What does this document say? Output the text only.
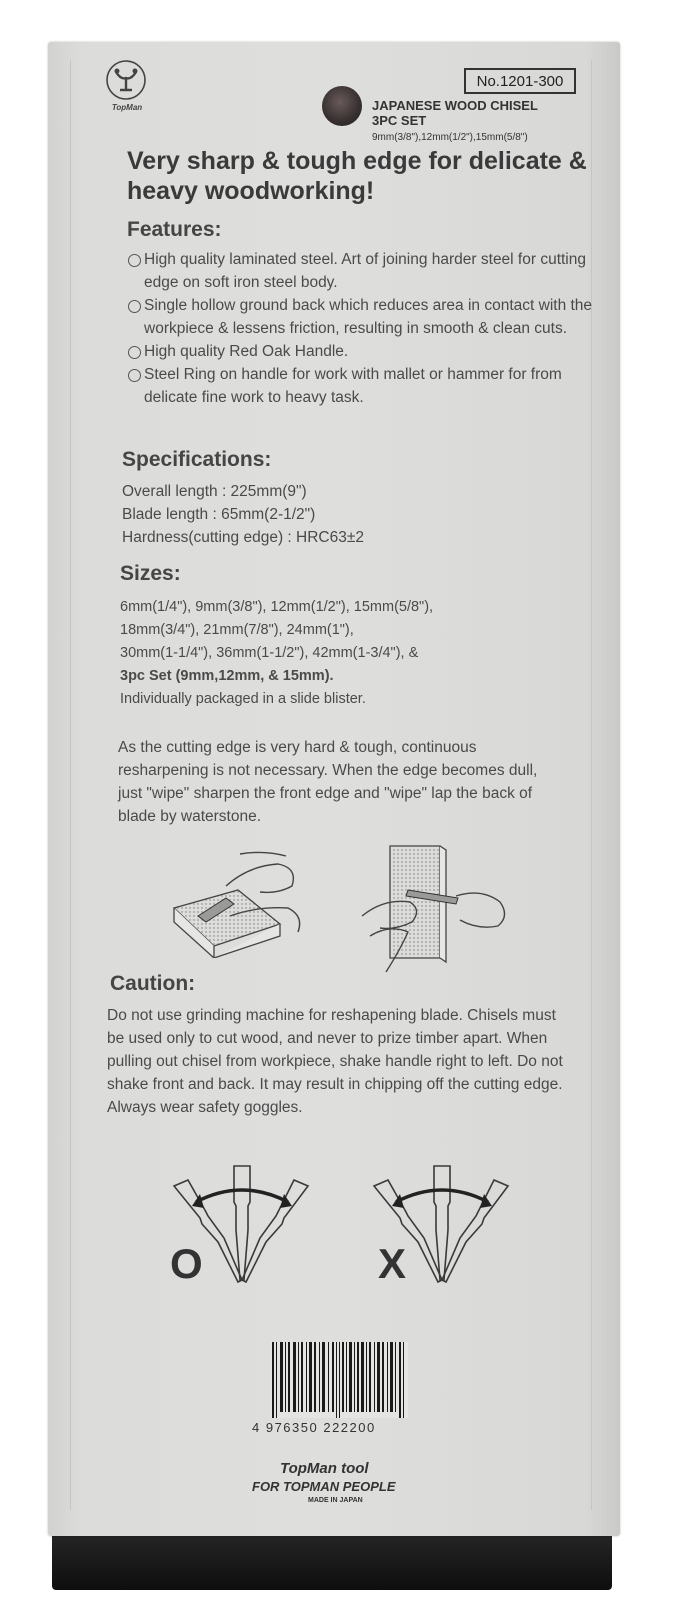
TopMan
No.1201-300
JAPANESE WOOD CHISEL
3PC SET
9mm(3/8"),12mm(1/2"),15mm(5/8")
Very sharp & tough edge for delicate & heavy woodworking!
Features:
High quality laminated steel. Art of joining harder steel for cutting edge on soft iron steel body.
Single hollow ground back which reduces area in contact with the workpiece & lessens friction, resulting in smooth & clean cuts.
High quality Red Oak Handle.
Steel Ring on handle for work with mallet or hammer for from delicate fine work to heavy task.
Specifications:
Overall length : 225mm(9")
Blade length : 65mm(2-1/2")
Hardness(cutting edge) : HRC63±2
Sizes:
6mm(1/4"), 9mm(3/8"), 12mm(1/2"), 15mm(5/8"),
18mm(3/4"), 21mm(7/8"), 24mm(1"),
30mm(1-1/4"), 36mm(1-1/2"), 42mm(1-3/4"), &
3pc Set (9mm,12mm, & 15mm).
Individually packaged in a slide blister.
As the cutting edge is very hard & tough, continuous resharpening is not necessary. When the edge becomes dull, just "wipe" sharpen the front edge and "wipe" lap the back of blade by waterstone.
Caution:
Do not use grinding machine for reshapening blade. Chisels must be used only to cut wood, and never to prize timber apart. When pulling out chisel from workpiece, shake handle right to left. Do not shake front and back. It may result in chipping off the cutting edge. Always wear safety goggles.
O	X
4 976350 222200
TopMan tool
FOR TOPMAN PEOPLE
MADE IN JAPAN
